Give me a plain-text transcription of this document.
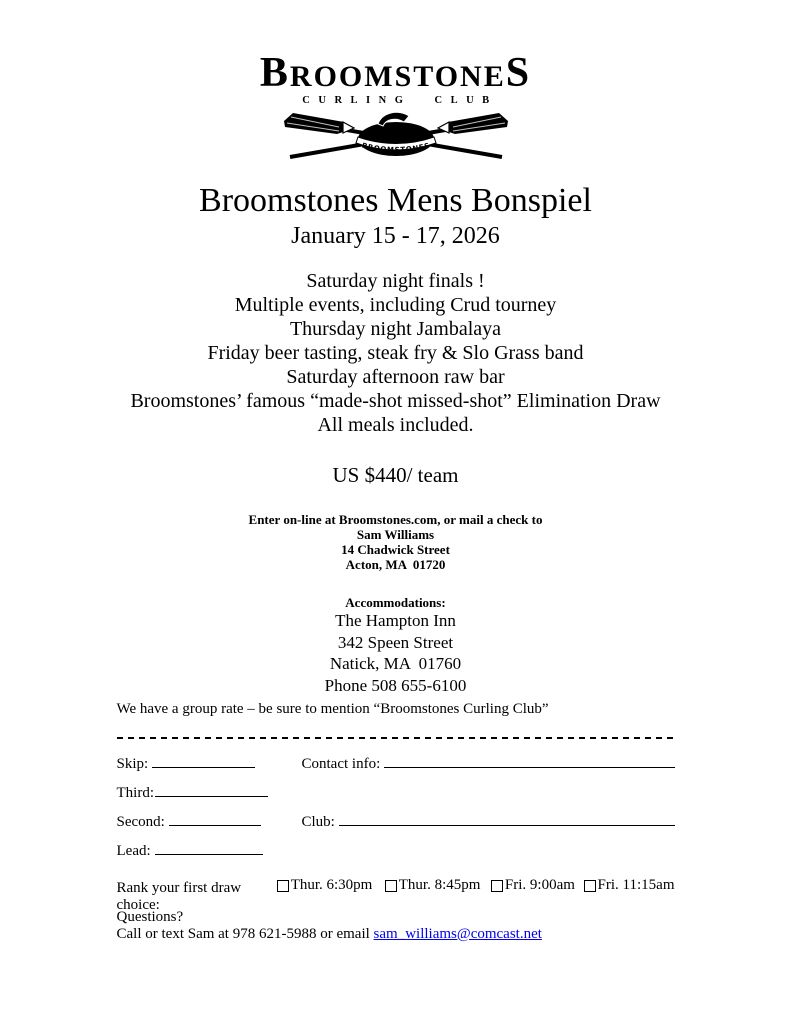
BROOMSTONES
CURLING CLUB
BROOMSTONES
Broomstones Mens Bonspiel
January 15 - 17, 2026
Saturday night finals !
Multiple events, including Crud tourney
Thursday night Jambalaya
Friday beer tasting, steak fry & Slo Grass band
Saturday afternoon raw bar
Broomstones’ famous “made-shot missed-shot” Elimination Draw
All meals included.
US $440/ team
Enter on-line at Broomstones.com, or mail a check to
Sam Williams
14 Chadwick Street
Acton, MA  01720
Accommodations:
The Hampton Inn
342 Speen Street
Natick, MA  01760
Phone 508 655-6100
We have a group rate – be sure to mention “Broomstones Curling Club”
Skip:	Contact info:
Third:
Second:	Club:
Lead:
Rank your first draw choice:
Thur. 6:30pm Thur. 8:45pm Fri. 9:00am Fri. 11:15am
Questions?
Call or text Sam at 978 621-5988 or email sam_williams@comcast.net
